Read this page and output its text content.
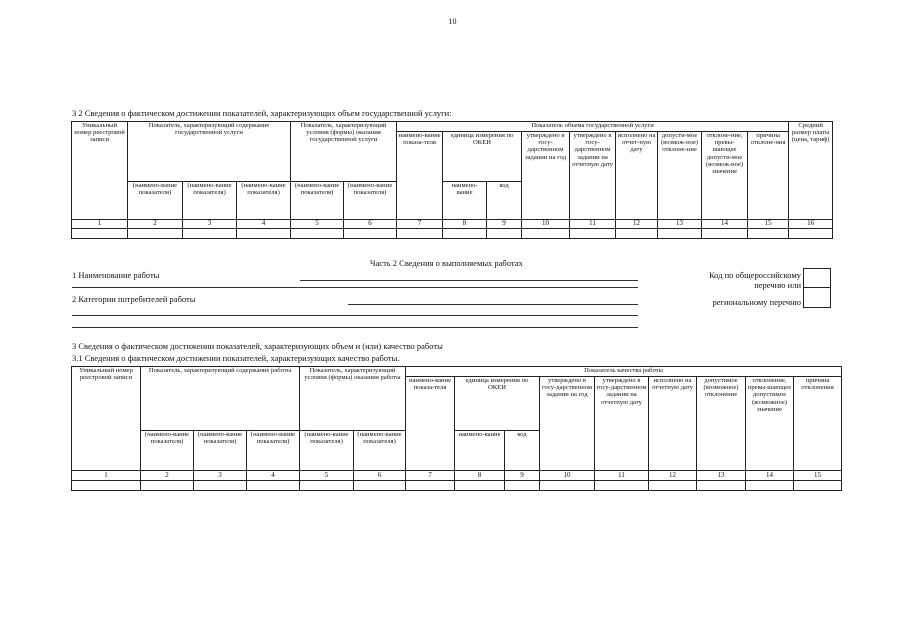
10
3 2 Сведения о фактическом достижении показателей, характеризующих объем государственной услуги:
Уникальный номер реестровой записи	Показатель, характеризующий содержание государственной услуги			Показатель, характеризующий условия (формы) оказания государственной услуги		Показатель объема государственной услуги									Средний размер платы (цена, тариф)
						наимено-вание показа-теля	единица измерения по ОКЕИ		утверждено в госу-дарственном задании на год	утверждено в госу-дарственном задании на отчетную дату	исполнено на отчет-ную дату	допусти-мое (возмож-ное) отклоне-ние	отклоне-ние, превы-шающее допусти-мое (возмож-ное) значение	причина отклоне-ния	
	(наимено-вание показателя)	(наимено-вание показателя)	(наимено-вание показателя)	(наимено-вание показателя)	(наимено-вание показателя)		наимено-вание	код							

1	2	3	4	5	6	7	8	9	10	11	12	13	14	15	16

Часть 2 Сведения о выполняемых работах
1 Наименование работы
2 Категории потребителей работы
Код по общероссийскому
перечню или
региональному перечню
3 Сведения о фактическом достижении показателей, характеризующих объем и (или) качество работы
3.1 Сведения о фактическом достижении показателей, характеризующих качество работы.
Уникальный номер реестровой записи	Показатель, характеризующий содержание работы			Показатель, характеризующий условия (формы) оказания работы		Показатель качества работы								
						наимено-вание показа-теля	единица измерения по ОКЕИ		утверждено в госу-дарственном задании на год	утверждено в госу-дарственном задании на отчетную дату	исполнено на отчетную дату	допустимое (возможное) отклонение	отклонение, превы-шающее допустимое (возможное) значение	причина отклонения
	(наимено-вание показателя)	(наимено-вание показателя)	(наимено-вание показателя)	(наимено-вание показателя)	(наимено-вание показателя)		наимено-вание	код						

1	2	3	4	5	6	7	8	9	10	11	12	13	14	15
